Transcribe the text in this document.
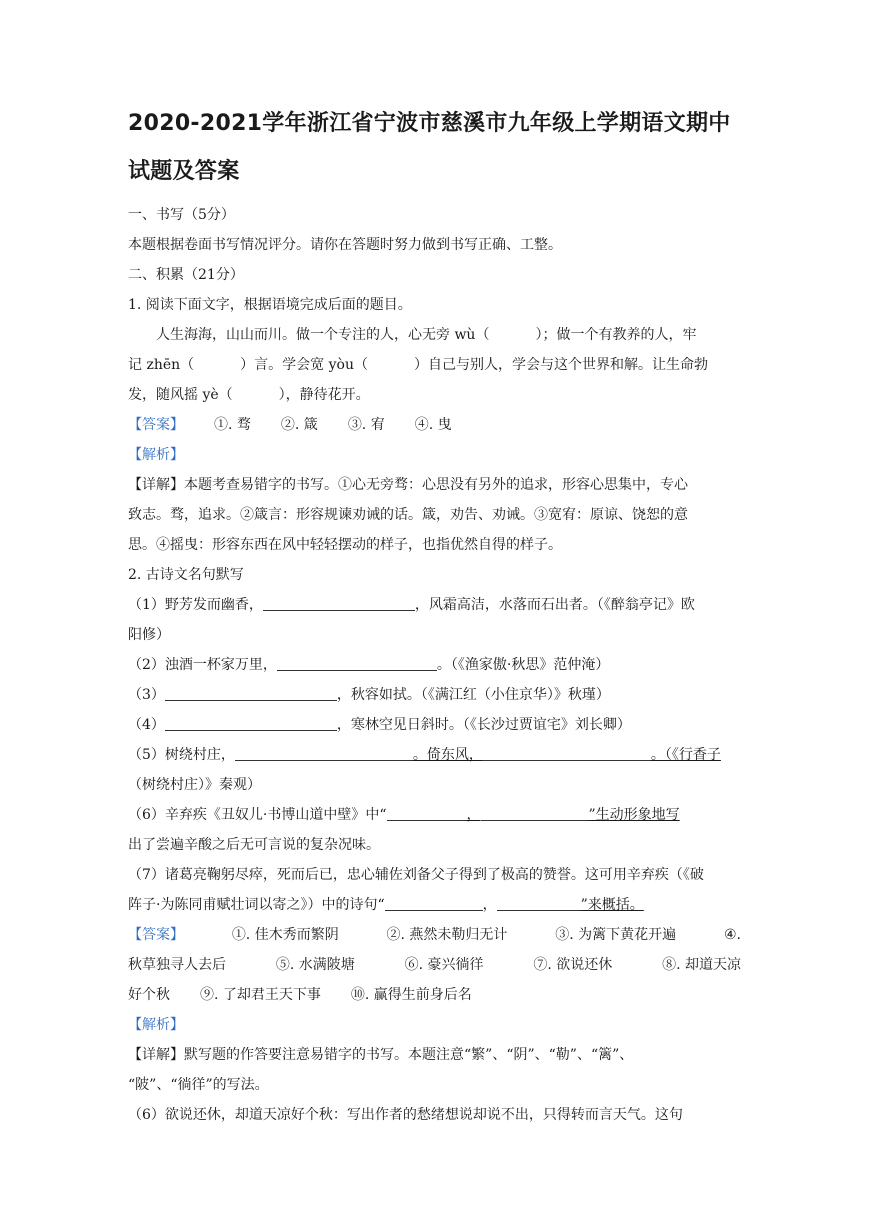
2020-2021学年浙江省宁波市慈溪市九年级上学期语文期中
试题及答案

一、书写（5分）

本题根据卷面书写情况评分。请你在答题时努力做到书写正确、工整。

二、积累（21分）

1. 阅读下面文字，根据语境完成后面的题目。

人生海海，山山而川。做一个专注的人，心无旁 wù（	）；做一个有教养的人，牢

记 zhēn（	）言。学会宽 yòu（	）自己与别人，学会与这个世界和解。让生命勃

发，随风摇 yè（	），静待花开。

【答案】 ①. 骛 ②. 箴 ③. 宥 ④. 曳

【解析】

【详解】本题考查易错字的书写。①心无旁骛：心思没有另外的追求，形容心思集中，专心

致志。骛，追求。②箴言：形容规谏劝诫的话。箴，劝告、劝诫。③宽宥：原谅、饶恕的意

思。④摇曳：形容东西在风中轻轻摆动的样子，也指优然自得的样子。

2. 古诗文名句默写

（1）野芳发而幽香，	，风霜高洁，水落而石出者。（《醉翁亭记》欧

阳修）

（2）浊酒一杯家万里，	。（《渔家傲·秋思》范仲淹）

（3）	，秋容如拭。（《满江红（小住京华）》秋瑾）

（4）	，寒林空见日斜时。（《长沙过贾谊宅》刘长卿）

（5）树绕村庄，	。倚东风，	。（《行香子

（树绕村庄）》秦观）

（6）辛弃疾《丑奴儿·书博山道中壁》中“	，	”生动形象地写

出了尝遍辛酸之后无可言说的复杂况味。

（7）诸葛亮鞠躬尽瘁，死而后已，忠心辅佐刘备父子得到了极高的赞誉。这可用辛弃疾（《破

阵子·为陈同甫赋壮词以寄之》）中的诗句“	，	”来概括。

【答案】	①. 佳木秀而繁阴	②. 燕然未勒归无计	③. 为篱下黄花开遍	④.
秋草独寻人去后	⑤. 水满陂塘	⑥. 豪兴徜徉	⑦. 欲说还休	⑧. 却道天凉

好个秋 ⑨. 了却君王天下事 ⑩. 赢得生前身后名

【解析】

【详解】默写题的作答要注意易错字的书写。本题注意“繁”、“阴”、“勒”、“篱”、

“陂”、“徜徉”的写法。

（6）欲说还休，却道天凉好个秋：写出作者的愁绪想说却说不出，只得转而言天气。这句
